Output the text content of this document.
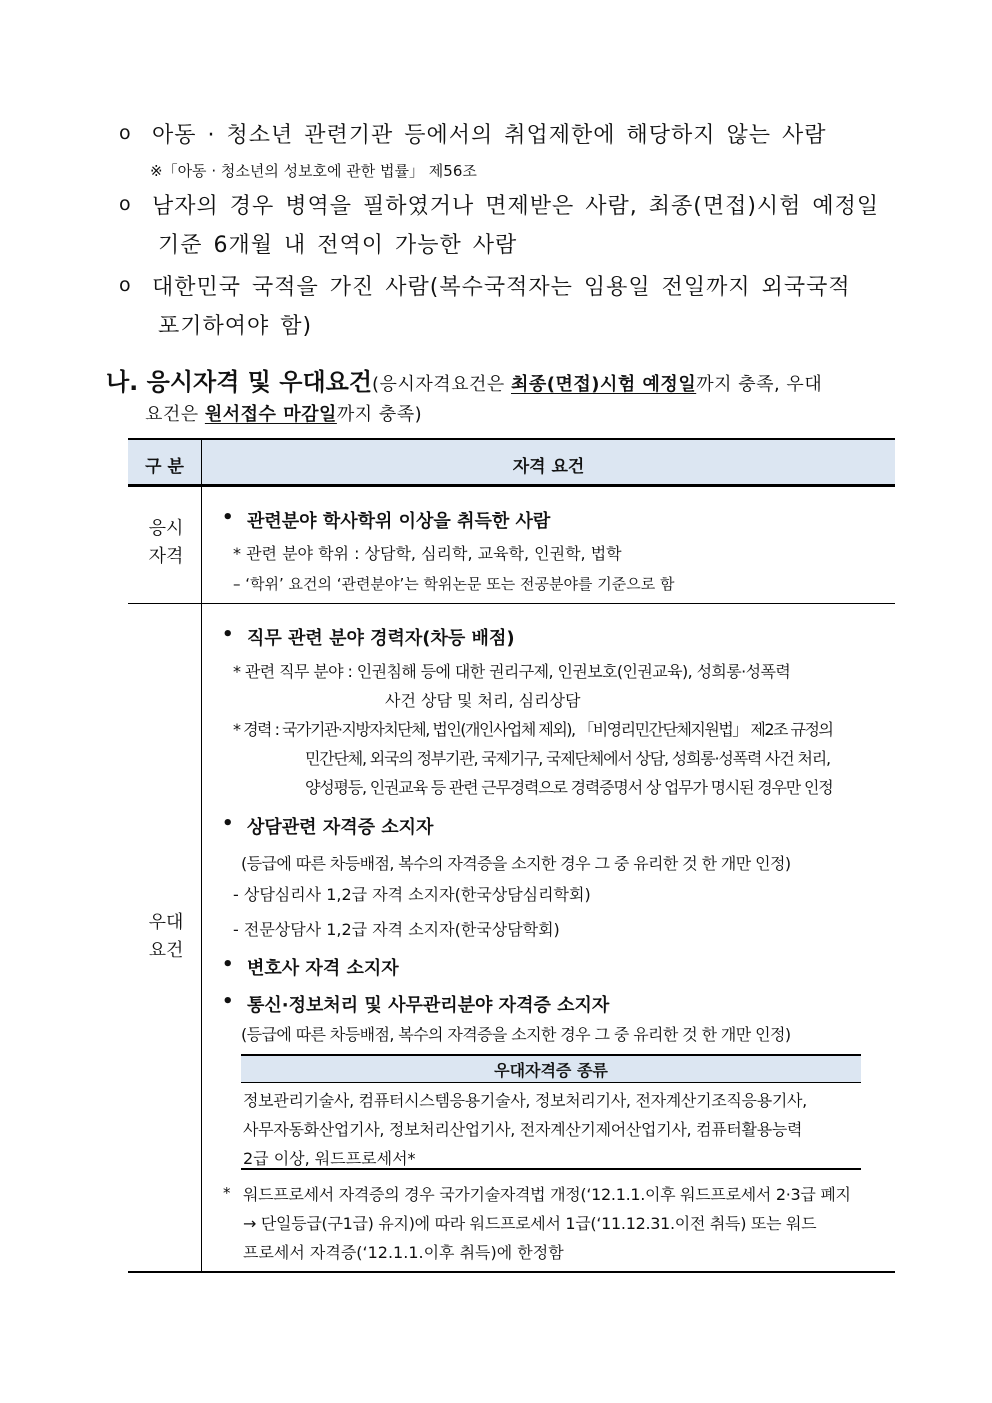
o 아동 · 청소년 관련기관 등에서의 취업제한에 해당하지 않는 사람
※「아동 · 청소년의 성보호에 관한 법률」 제56조
o 남자의 경우 병역을 필하였거나 면제받은 사람, 최종(면접)시험 예정일
기준 6개월 내 전역이 가능한 사람
o 대한민국 국적을 가진 사람(복수국적자는 임용일 전일까지 외국국적
포기하여야 함)
나. 응시자격 및 우대요건(응시자격요건은 최종(면접)시험 예정일까지 충족, 우대
요건은 원서접수 마감일까지 충족)
구 분	자격 요건
응시
자격
• 관련분야 학사학위 이상을 취득한 사람
* 관련 분야 학위 : 상담학, 심리학, 교육학, 인권학, 법학
– ‘학위’ 요건의 ‘관련분야’는 학위논문 또는 전공분야를 기준으로 함
우대
요건
• 직무 관련 분야 경력자(차등 배점)
* 관련 직무 분야 : 인권침해 등에 대한 권리구제, 인권보호(인권교육), 성희롱·성폭력
사건 상담 및 처리, 심리상담
* 경력 : 국가기관·지방자치단체, 법인(개인사업체 제외), 「비영리민간단체지원법」 제2조 규정의
민간단체, 외국의 정부기관, 국제기구, 국제단체에서 상담, 성희롱·성폭력 사건 처리,
양성평등, 인권교육 등 관련 근무경력으로 경력증명서 상 업무가 명시된 경우만 인정
• 상담관련 자격증 소지자
(등급에 따른 차등배점, 복수의 자격증을 소지한 경우 그 중 유리한 것 한 개만 인정)
- 상담심리사 1,2급 자격 소지자(한국상담심리학회)
- 전문상담사 1,2급 자격 소지자(한국상담학회)
• 변호사 자격 소지자
• 통신·정보처리 및 사무관리분야 자격증 소지자
(등급에 따른 차등배점, 복수의 자격증을 소지한 경우 그 중 유리한 것 한 개만 인정)
우대자격증 종류
정보관리기술사, 컴퓨터시스템응용기술사, 정보처리기사, 전자계산기조직응용기사,
사무자동화산업기사, 정보처리산업기사, 전자계산기제어산업기사, 컴퓨터활용능력
2급 이상, 워드프로세서*
* 워드프로세서 자격증의 경우 국가기술자격법 개정(‘12.1.1.이후 워드프로세서 2·3급 폐지
→ 단일등급(구1급) 유지)에 따라 워드프로세서 1급(‘11.12.31.이전 취득) 또는 워드
프로세서 자격증(‘12.1.1.이후 취득)에 한정함
